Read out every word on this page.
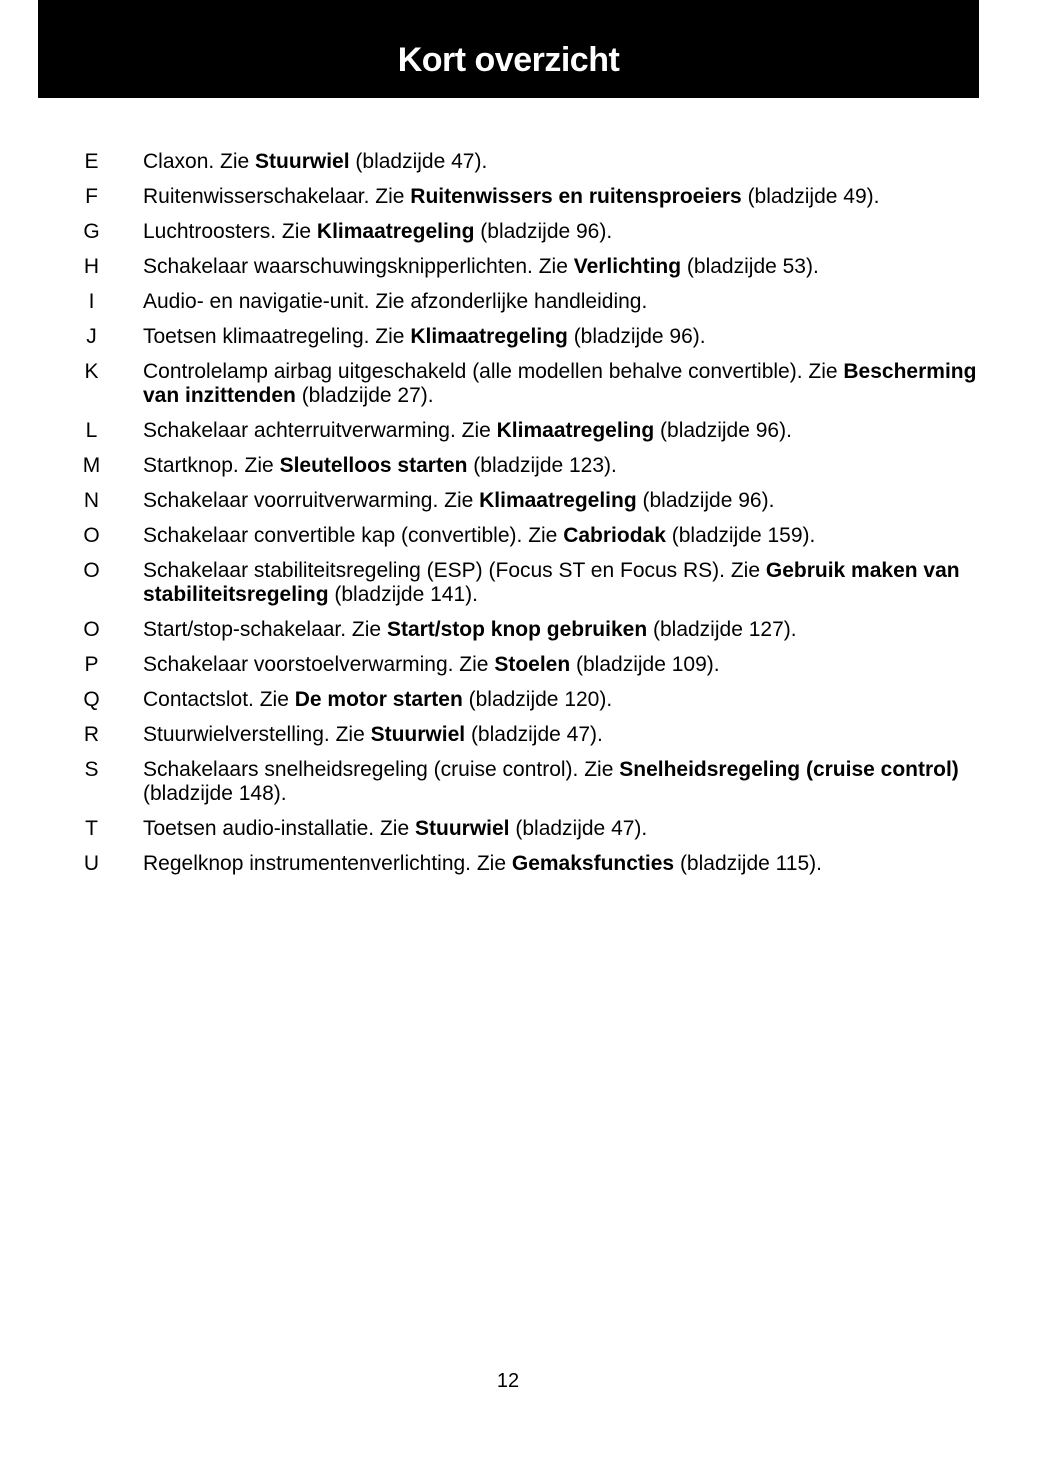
Kort overzicht
E	Claxon. Zie Stuurwiel (bladzijde 47).
F	Ruitenwisserschakelaar. Zie Ruitenwissers en ruitensproeiers (bladzijde 49).
G Luchtroosters. Zie Klimaatregeling (bladzijde 96).
H Schakelaar waarschuwingsknipperlichten. Zie Verlichting (bladzijde 53).
I	Audio- en navigatie-unit. Zie afzonderlijke handleiding.
J	Toetsen klimaatregeling. Zie Klimaatregeling (bladzijde 96).
K	Controlelamp airbag uitgeschakeld (alle modellen behalve convertible). Zie Bescherming van inzittenden (bladzijde 27).
L	Schakelaar achterruitverwarming. Zie Klimaatregeling (bladzijde 96).
M Startknop. Zie Sleutelloos starten (bladzijde 123).
N Schakelaar voorruitverwarming. Zie Klimaatregeling (bladzijde 96).
O Schakelaar convertible kap (convertible). Zie Cabriodak (bladzijde 159).
O Schakelaar stabiliteitsregeling (ESP) (Focus ST en Focus RS). Zie Gebruik maken van stabiliteitsregeling (bladzijde 141).
O Start/stop-schakelaar. Zie Start/stop knop gebruiken (bladzijde 127).
P	Schakelaar voorstoelverwarming. Zie Stoelen (bladzijde 109).
Q Contactslot. Zie De motor starten (bladzijde 120).
R Stuurwielverstelling. Zie Stuurwiel (bladzijde 47).
S	Schakelaars snelheidsregeling (cruise control). Zie Snelheidsregeling (cruise control) (bladzijde 148).
T	Toetsen audio-installatie. Zie Stuurwiel (bladzijde 47).
U Regelknop instrumentenverlichting. Zie Gemaksfuncties (bladzijde 115).
12
